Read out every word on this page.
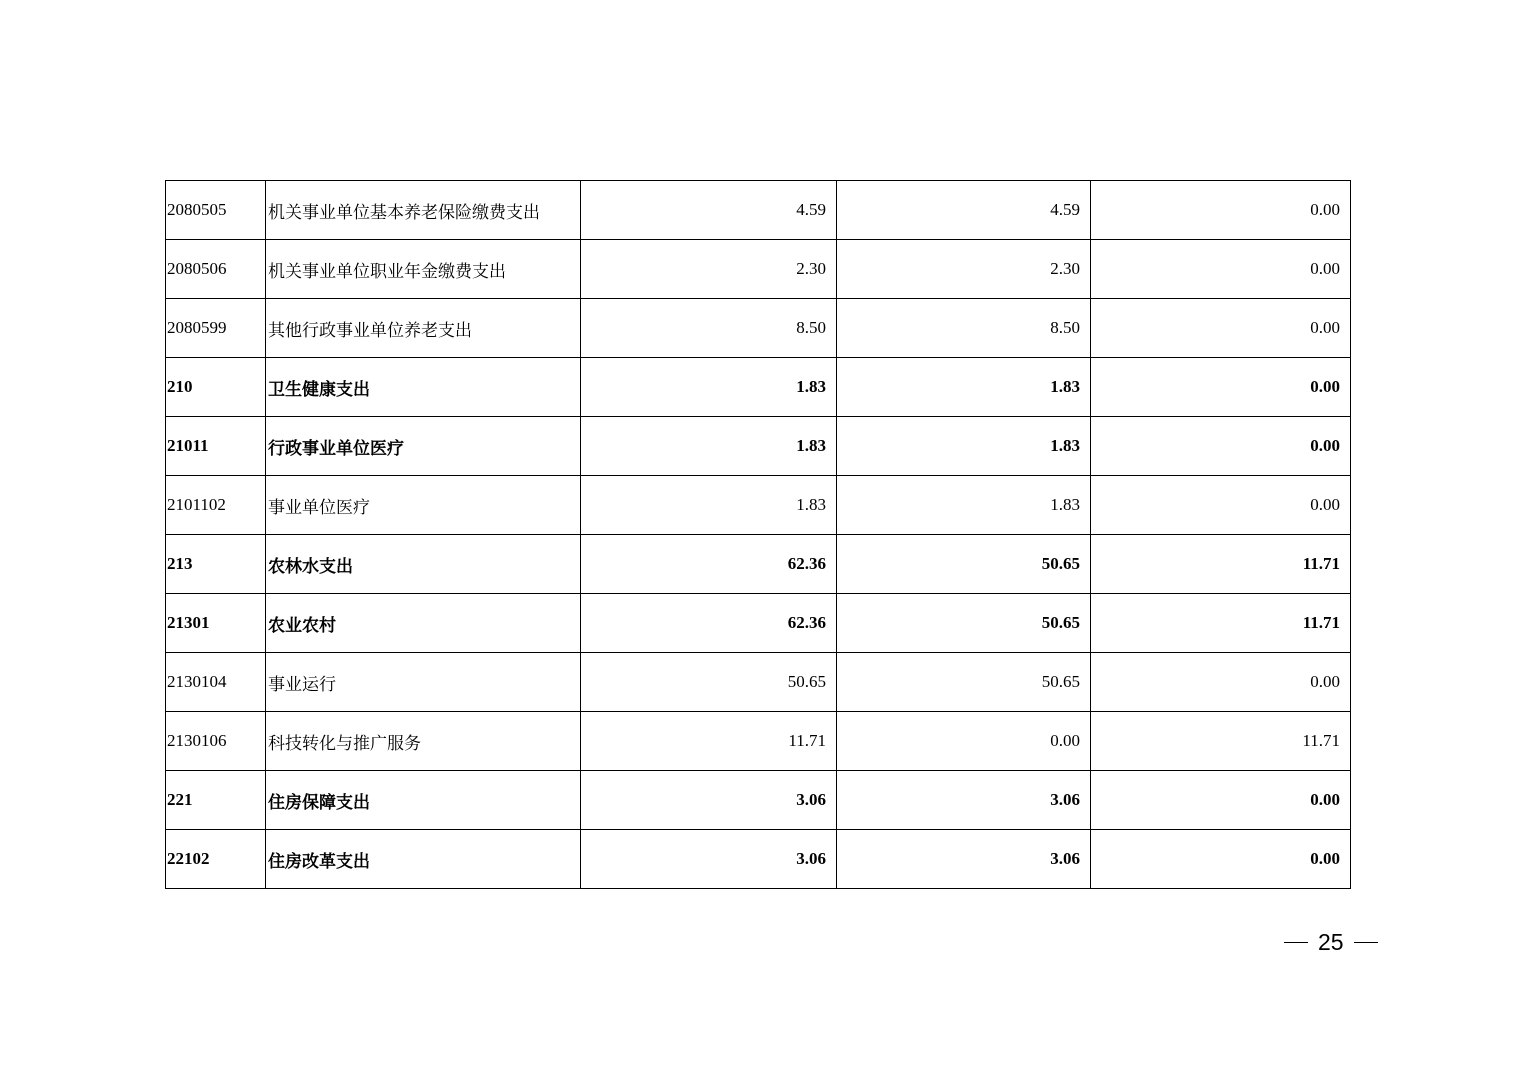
2080505	机关事业单位基本养老保险缴费支出	4.59	4.59	0.00
2080506	机关事业单位职业年金缴费支出	2.30	2.30	0.00
2080599	其他行政事业单位养老支出	8.50	8.50	0.00
210	卫生健康支出	1.83	1.83	0.00
21011	行政事业单位医疗	1.83	1.83	0.00
2101102	事业单位医疗	1.83	1.83	0.00
213	农林水支出	62.36	50.65	11.71
21301	农业农村	62.36	50.65	11.71
2130104	事业运行	50.65	50.65	0.00
2130106	科技转化与推广服务	11.71	0.00	11.71
221	住房保障支出	3.06	3.06	0.00
22102	住房改革支出	3.06	3.06	0.00
25
